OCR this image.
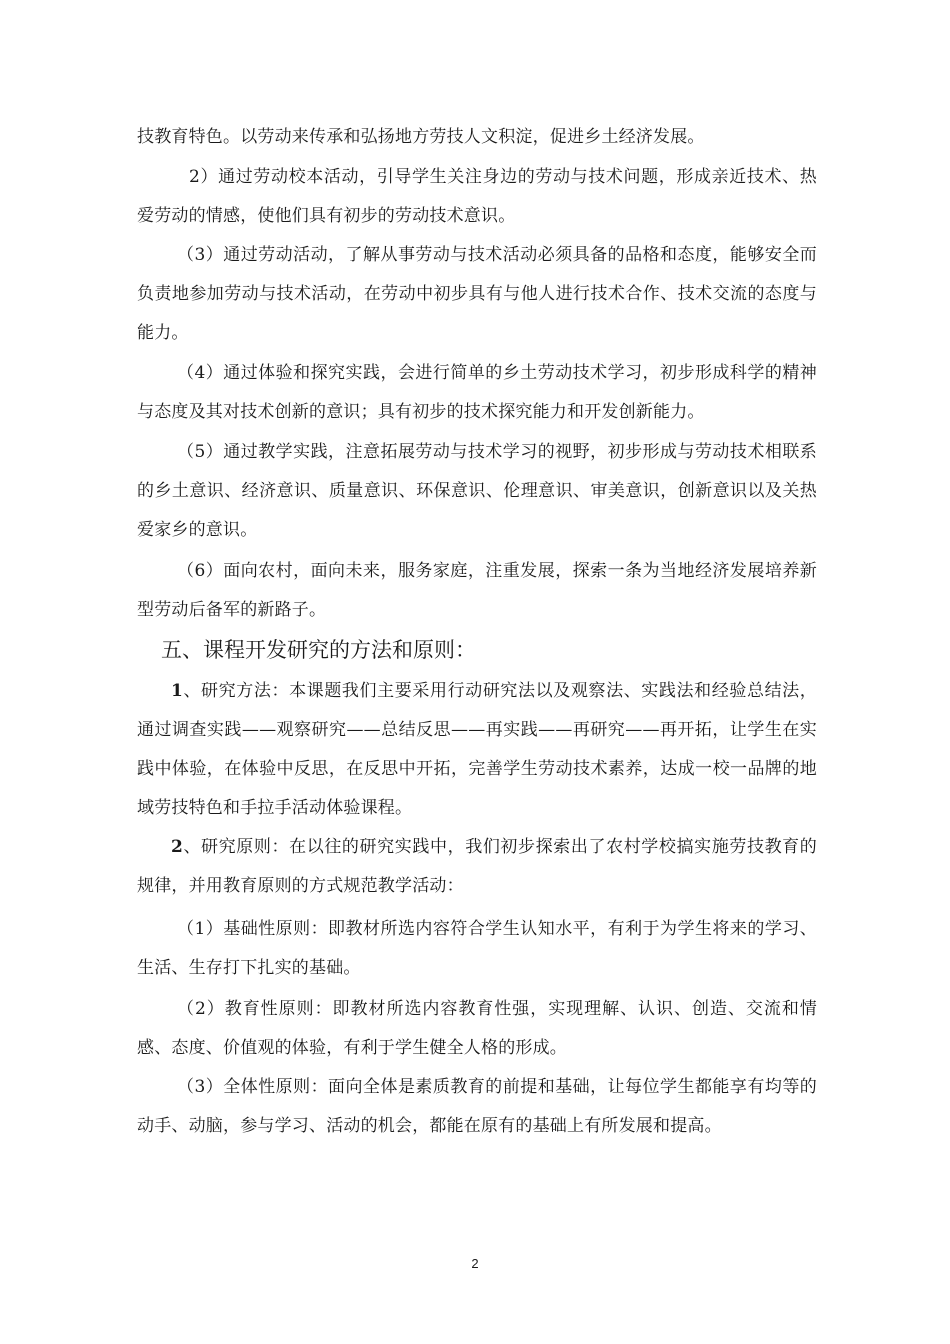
技教育特色。以劳动来传承和弘扬地方劳技人文积淀，促进乡土经济发展。

2）通过劳动校本活动，引导学生关注身边的劳动与技术问题，形成亲近技术、热爱劳动的情感，使他们具有初步的劳动技术意识。

（3）通过劳动活动，了解从事劳动与技术活动必须具备的品格和态度，能够安全而负责地参加劳动与技术活动，在劳动中初步具有与他人进行技术合作、技术交流的态度与能力。

（4）通过体验和探究实践，会进行简单的乡土劳动技术学习，初步形成科学的精神与态度及其对技术创新的意识；具有初步的技术探究能力和开发创新能力。

（5）通过教学实践，注意拓展劳动与技术学习的视野，初步形成与劳动技术相联系的乡土意识、经济意识、质量意识、环保意识、伦理意识、审美意识，创新意识以及关热爱家乡的意识。

（6）面向农村，面向未来，服务家庭，注重发展，探索一条为当地经济发展培养新型劳动后备军的新路子。

五、课程开发研究的方法和原则：

1、研究方法：本课题我们主要采用行动研究法以及观察法、实践法和经验总结法，通过调查实践——观察研究——总结反思——再实践——再研究——再开拓，让学生在实践中体验，在体验中反思，在反思中开拓，完善学生劳动技术素养，达成一校一品牌的地域劳技特色和手拉手活动体验课程。

2、研究原则：在以往的研究实践中，我们初步探索出了农村学校搞实施劳技教育的规律，并用教育原则的方式规范教学活动：

（1）基础性原则：即教材所选内容符合学生认知水平，有利于为学生将来的学习、生活、生存打下扎实的基础。

（2）教育性原则：即教材所选内容教育性强，实现理解、认识、创造、交流和情感、态度、价值观的体验，有利于学生健全人格的形成。

（3）全体性原则：面向全体是素质教育的前提和基础，让每位学生都能享有均等的动手、动脑，参与学习、活动的机会，都能在原有的基础上有所发展和提高。

2
